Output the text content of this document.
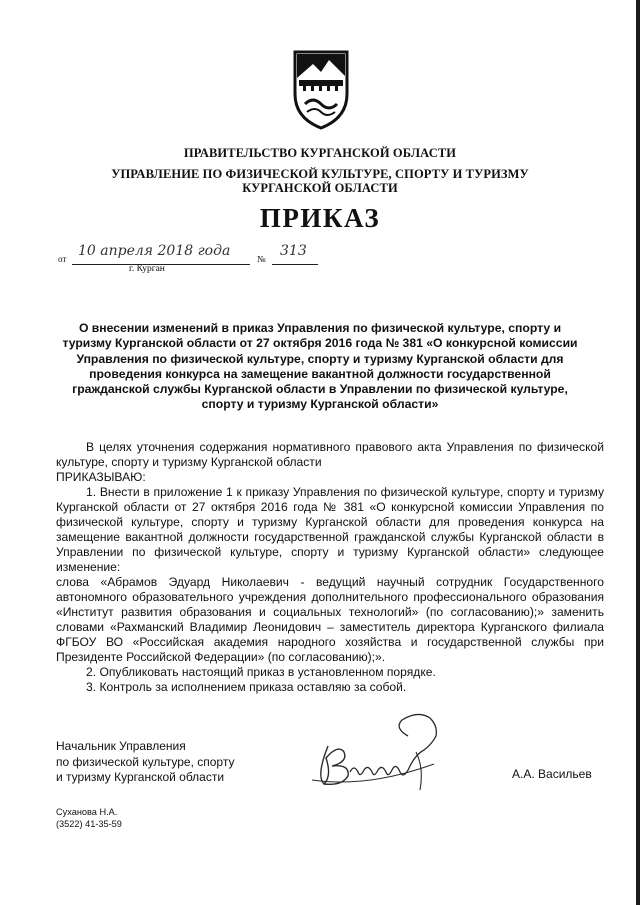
ПРАВИТЕЛЬСТВО КУРГАНСКОЙ ОБЛАСТИ
УПРАВЛЕНИЕ ПО ФИЗИЧЕСКОЙ КУЛЬТУРЕ, СПОРТУ И ТУРИЗМУ
КУРГАНСКОЙ ОБЛАСТИ
ПРИКАЗ
от 10 апреля 2018 года	№ 313
г. Курган
О внесении изменений в приказ Управления по физической культуре, спорту и туризму Курганской области от 27 октября 2016 года № 381 «О конкурсной комиссии Управления по физической культуре, спорту и туризму Курганской области для проведения конкурса на замещение вакантной должности государственной гражданской службы Курганской области в Управлении по физической культуре, спорту и туризму Курганской области»

В целях уточнения содержания нормативного правового акта Управления по физической культуре, спорту и туризму Курганской области

ПРИКАЗЫВАЮ:

1. Внести в приложение 1 к приказу Управления по физической культуре, спорту и туризму Курганской области от 27 октября 2016 года № 381 «О конкурсной комиссии Управления по физической культуре, спорту и туризму Курганской области для проведения конкурса на замещение вакантной должности государственной гражданской службы Курганской области в Управлении по физической культуре, спорту и туризму Курганской области» следующее изменение:

слова «Абрамов Эдуард Николаевич - ведущий научный сотрудник Государственного автономного образовательного учреждения дополнительного профессионального образования «Институт развития образования и социальных технологий» (по согласованию);» заменить словами «Рахманский Владимир Леонидович – заместитель директора Курганского филиала ФГБОУ ВО «Российская академия народного хозяйства и государственной службы при Президенте Российской Федерации» (по согласованию);».

2. Опубликовать настоящий приказ в установленном порядке.

3. Контроль за исполнением приказа оставляю за собой.

Начальник Управления
по физической культуре, спорту
и туризму Курганской области	А.А. Васильев
Суханова Н.А.
(3522) 41-35-59
